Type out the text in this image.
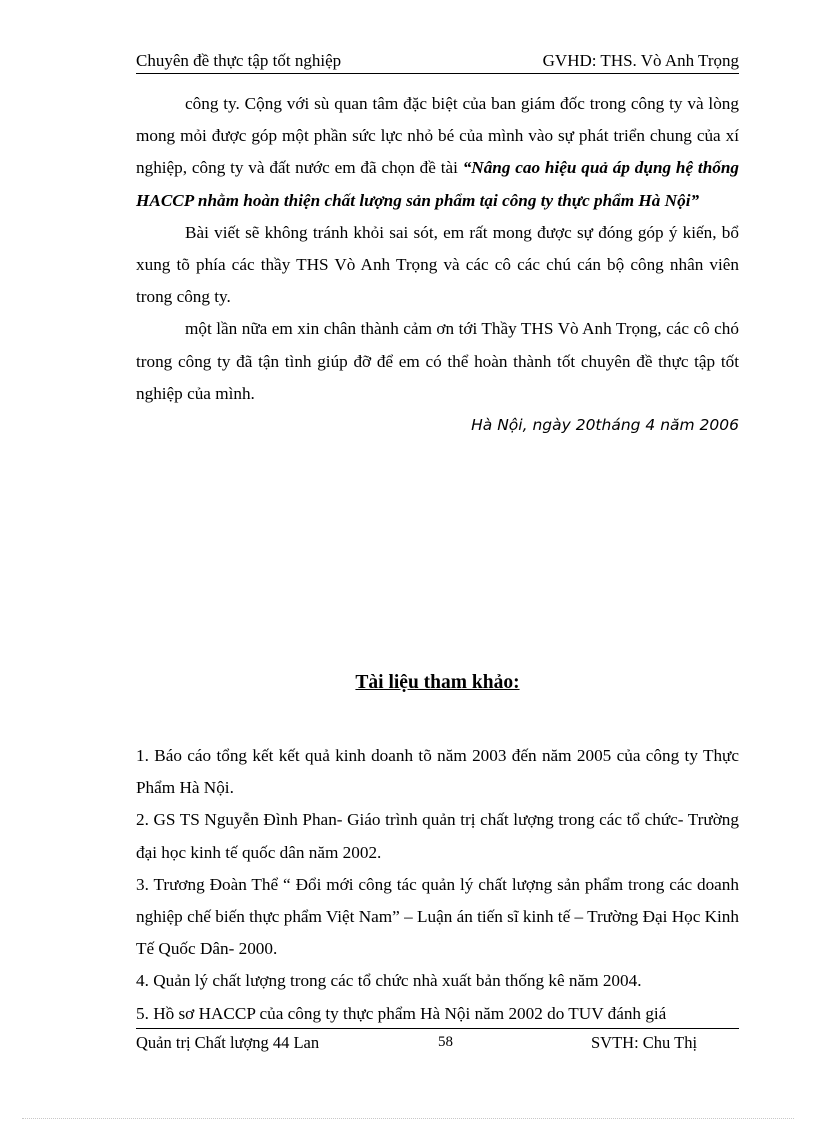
Chuyên đề thực tập tốt nghiệp	GVHD: THS. Vò Anh Trọng

công ty. Cộng với sù quan tâm đặc biệt của ban giám đốc trong công ty và lòng mong mỏi được góp một phần sức lực nhỏ bé của mình vào sự phát triển chung của xí nghiệp, công ty và đất nước em đã chọn đề tài “Nâng cao hiệu quả áp dụng hệ thống HACCP nhằm hoàn thiện chất lượng sản phẩm tại công ty thực phẩm Hà Nội”

Bài viết sẽ không tránh khỏi sai sót, em rất mong được sự đóng góp ý kiến, bổ xung tõ phía các thầy THS Vò Anh Trọng và các cô các chú cán bộ công nhân viên trong công ty.

một lần nữa em xin chân thành cảm ơn tới Thầy THS Vò Anh Trọng, các cô chó trong công ty đã tận tình giúp đỡ để em có thể hoàn thành tốt chuyên đề thực tập tốt nghiệp của mình.

Hà Nội, ngày 20tháng 4 năm 2006

Tài liệu tham khảo:

1. Báo cáo tổng kết kết quả kinh doanh tõ năm 2003 đến năm 2005 của công ty Thực Phẩm Hà Nội.

2. GS TS Nguyễn Đình Phan- Giáo trình quản trị chất lượng trong các tổ chức- Trường đại học kinh tế quốc dân năm 2002.

3. Trương Đoàn Thể “ Đổi mới công tác quản lý chất lượng sản phẩm trong các doanh nghiệp chế biến thực phẩm Việt Nam” – Luận án tiến sĩ kinh tế – Trường Đại Học Kinh Tế Quốc Dân- 2000.

4. Quản lý chất lượng trong các tổ chức nhà xuất bản thống kê năm 2004.

5. Hồ sơ HACCP của công ty thực phẩm Hà Nội năm 2002 do TUV đánh giá

Quản trị Chất lượng 44 Lan	58	SVTH: Chu Thị
